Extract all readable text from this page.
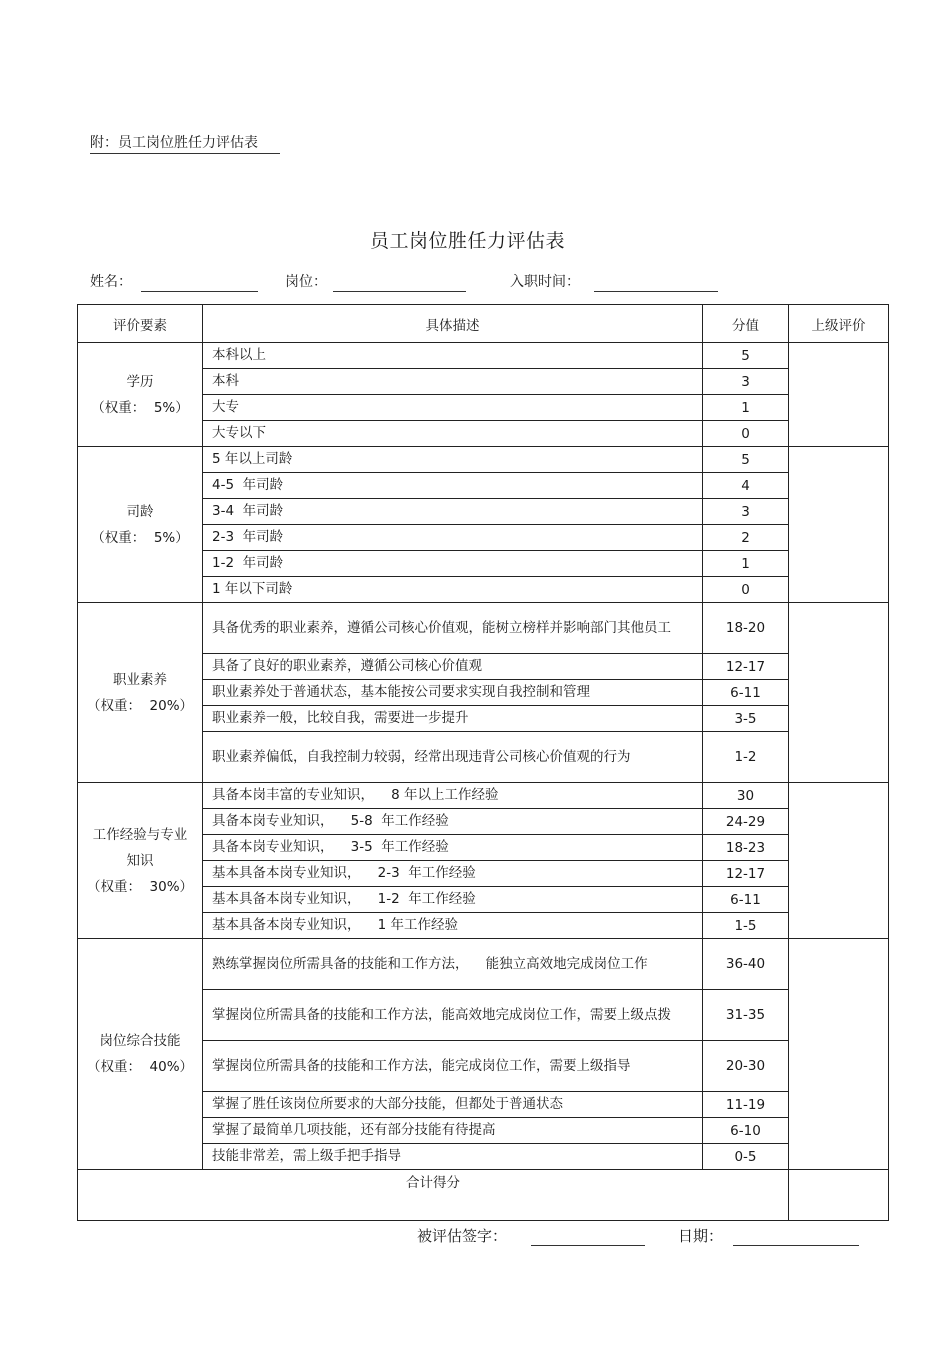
附：员工岗位胜任力评估表
员工岗位胜任力评估表
姓名：	岗位：	入职时间：
评价要素	具体描述	分值	上级评价

学历
（权重：  5%）	本科以上	5	
	本科	3	
	大专	1	
	大专以下	0	

司龄
（权重：  5%）	5 年以上司龄	5	
	4-5  年司龄	4	
	3-4  年司龄	3	
	2-3  年司龄	2	
	1-2  年司龄	1	
	1 年以下司龄	0	

职业素养
（权重：  20%）	具备优秀的职业素养，遵循公司核心价值观，能树立榜样并影响部门其他员工	18-20	
	具备了良好的职业素养，遵循公司核心价值观	12-17	
	职业素养处于普通状态，基本能按公司要求实现自我控制和管理	6-11	
	职业素养一般，比较自我，需要进一步提升	3-5	
	职业素养偏低，自我控制力较弱，经常出现违背公司核心价值观的行为	1-2	

工作经验与专业知识
（权重：  30%）	具备本岗丰富的专业知识，    8 年以上工作经验	30	
	具备本岗专业知识，    5-8  年工作经验	24-29	
	具备本岗专业知识，    3-5  年工作经验	18-23	
	基本具备本岗专业知识，    2-3  年工作经验	12-17	
	基本具备本岗专业知识，    1-2  年工作经验	6-11	
	基本具备本岗专业知识，    1 年工作经验	1-5	

岗位综合技能
（权重：  40%）	熟练掌握岗位所需具备的技能和工作方法，    能独立高效地完成岗位工作	36-40	
	掌握岗位所需具备的技能和工作方法，能高效地完成岗位工作，需要上级点拨	31-35	
	掌握岗位所需具备的技能和工作方法，能完成岗位工作，需要上级指导	20-30	
	掌握了胜任该岗位所要求的大部分技能，但都处于普通状态	11-19	
	掌握了最简单几项技能，还有部分技能有待提高	6-10	
	技能非常差，需上级手把手指导	0-5	
合计得分			
被评估签字：	日期：
